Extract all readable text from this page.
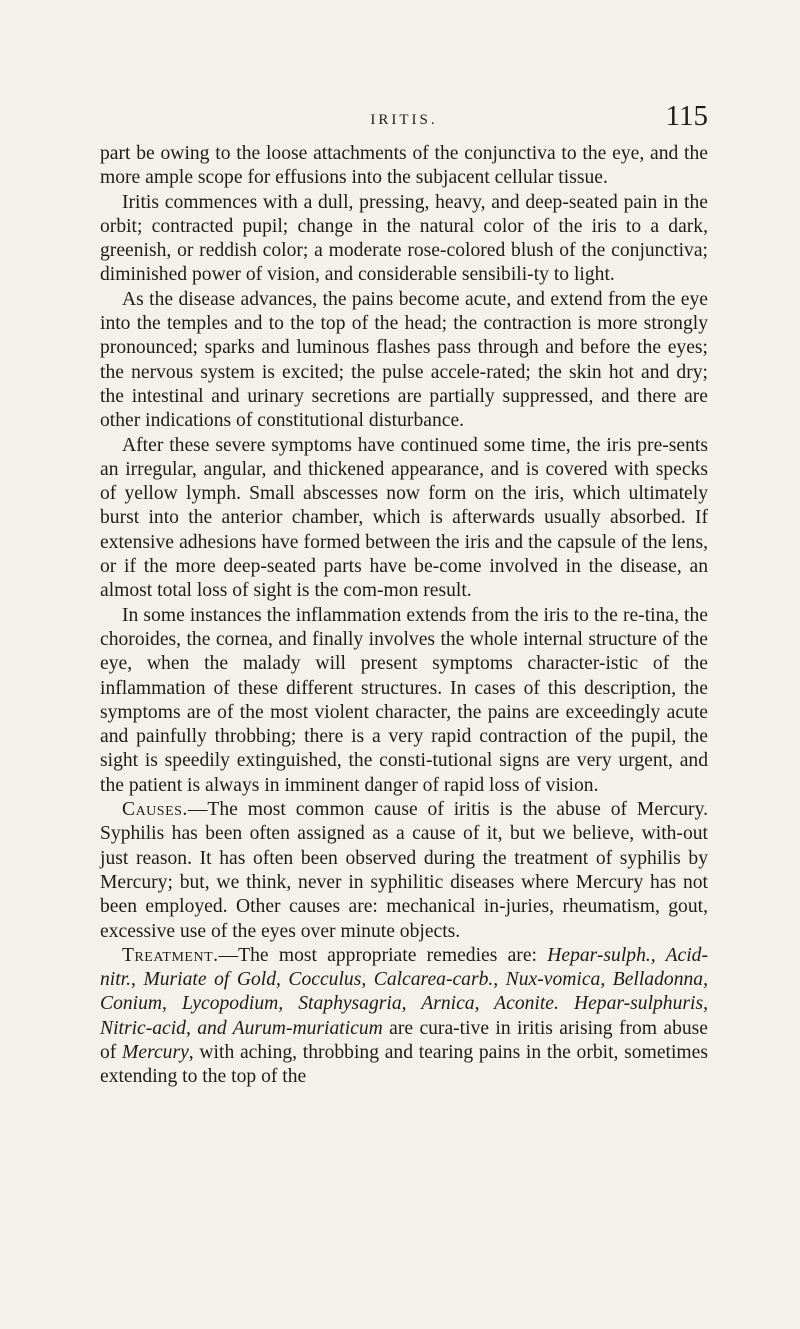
IRITIS.	115

part be owing to the loose attachments of the conjunctiva to the eye, and the more ample scope for effusions into the subjacent cellular tissue.

Iritis commences with a dull, pressing, heavy, and deep-seated pain in the orbit; contracted pupil; change in the natural color of the iris to a dark, greenish, or reddish color; a moderate rose-colored blush of the conjunctiva; diminished power of vision, and considerable sensibili-ty to light.

As the disease advances, the pains become acute, and extend from the eye into the temples and to the top of the head; the contraction is more strongly pronounced; sparks and luminous flashes pass through and before the eyes; the nervous system is excited; the pulse accele-rated; the skin hot and dry; the intestinal and urinary secretions are partially suppressed, and there are other indications of constitutional disturbance.

After these severe symptoms have continued some time, the iris pre-sents an irregular, angular, and thickened appearance, and is covered with specks of yellow lymph. Small abscesses now form on the iris, which ultimately burst into the anterior chamber, which is afterwards usually absorbed. If extensive adhesions have formed between the iris and the capsule of the lens, or if the more deep-seated parts have be-come involved in the disease, an almost total loss of sight is the com-mon result.

In some instances the inflammation extends from the iris to the re-tina, the choroides, the cornea, and finally involves the whole internal structure of the eye, when the malady will present symptoms character-istic of the inflammation of these different structures. In cases of this description, the symptoms are of the most violent character, the pains are exceedingly acute and painfully throbbing; there is a very rapid contraction of the pupil, the sight is speedily extinguished, the consti-tutional signs are very urgent, and the patient is always in imminent danger of rapid loss of vision.

Causes.—The most common cause of iritis is the abuse of Mercury. Syphilis has been often assigned as a cause of it, but we believe, with-out just reason. It has often been observed during the treatment of syphilis by Mercury; but, we think, never in syphilitic diseases where Mercury has not been employed. Other causes are: mechanical in-juries, rheumatism, gout, excessive use of the eyes over minute objects.

Treatment.—The most appropriate remedies are: Hepar-sulph., Acid-nitr., Muriate of Gold, Cocculus, Calcarea-carb., Nux-vomica, Belladonna, Conium, Lycopodium, Staphysagria, Arnica, Aconite. Hepar-sulphuris, Nitric-acid, and Aurum-muriaticum are cura-tive in iritis arising from abuse of Mercury, with aching, throbbing and tearing pains in the orbit, sometimes extending to the top of the
